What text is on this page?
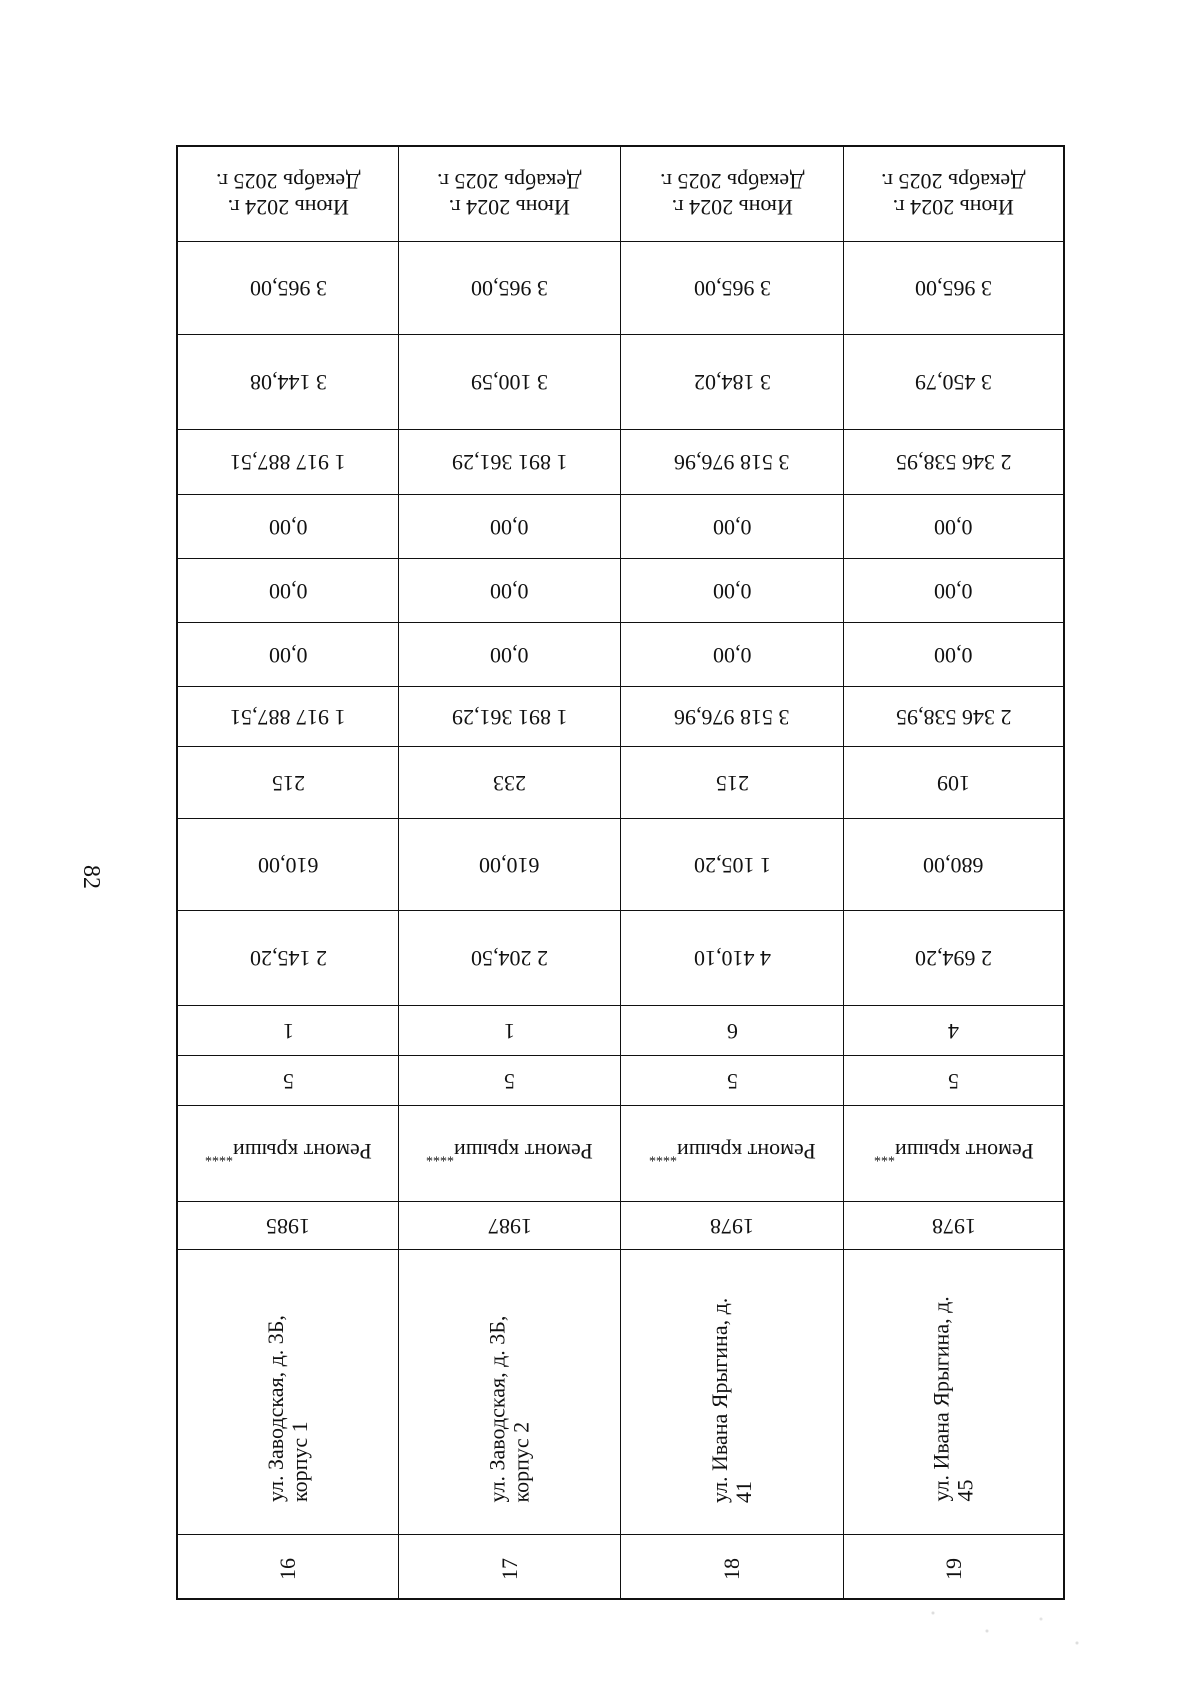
82
Июнь 2024 г.
Декабрь 2025 г.
3 965,00
3 144,08
1 917 887,51
0,00
0,00
0,00
1 917 887,51
215
610,00
2 145,20
1
5
Ремонт крыши****
1985
ул. Заводская, д. 3Б, корпус 1
16
Июнь 2024 г.
Декабрь 2025 г.
3 965,00
3 100,59
1 891 361,29
0,00
0,00
0,00
1 891 361,29
233
610,00
2 204,50
1
5
Ремонт крыши****
1987
ул. Заводская, д. 3Б, корпус 2
17
Июнь 2024 г.
Декабрь 2025 г.
3 965,00
3 184,02
3 518 976,96
0,00
0,00
0,00
3 518 976,96
215
1 105,20
4 410,10
6
5
Ремонт крыши****
1978
ул. Ивана Ярыгина, д. 41
18
Июнь 2024 г.
Декабрь 2025 г.
3 965,00
3 450,79
2 346 538,95
0,00
0,00
0,00
2 346 538,95
109
680,00
2 694,20
4
5
Ремонт крыши***
1978
ул. Ивана Ярыгина, д. 45
19
